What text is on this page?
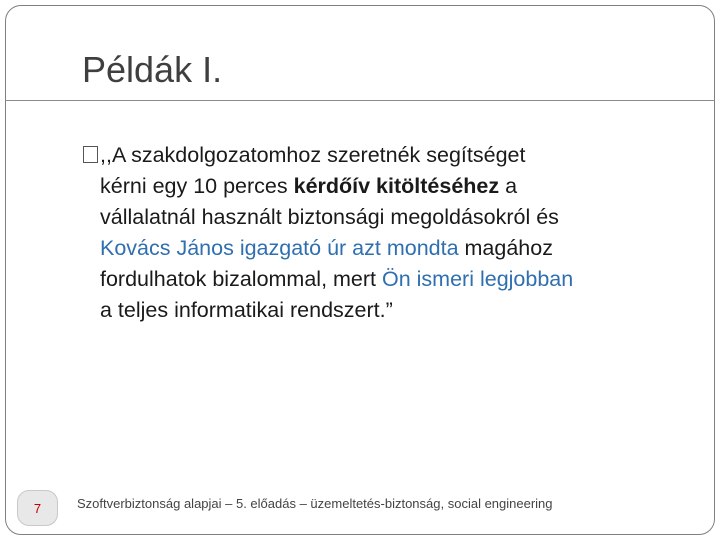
Példák I.
,,A szakdolgozatomhoz szeretnék segítséget
kérni egy 10 perces kérdőív kitöltéséhez a
vállalatnál használt biztonsági megoldásokról és
Kovács János igazgató úr azt mondta magához
fordulhatok bizalommal, mert Ön ismeri legjobban
a teljes informatikai rendszert.”
7	Szoftverbiztonság alapjai – 5. előadás – üzemeltetés-biztonság, social engineering
